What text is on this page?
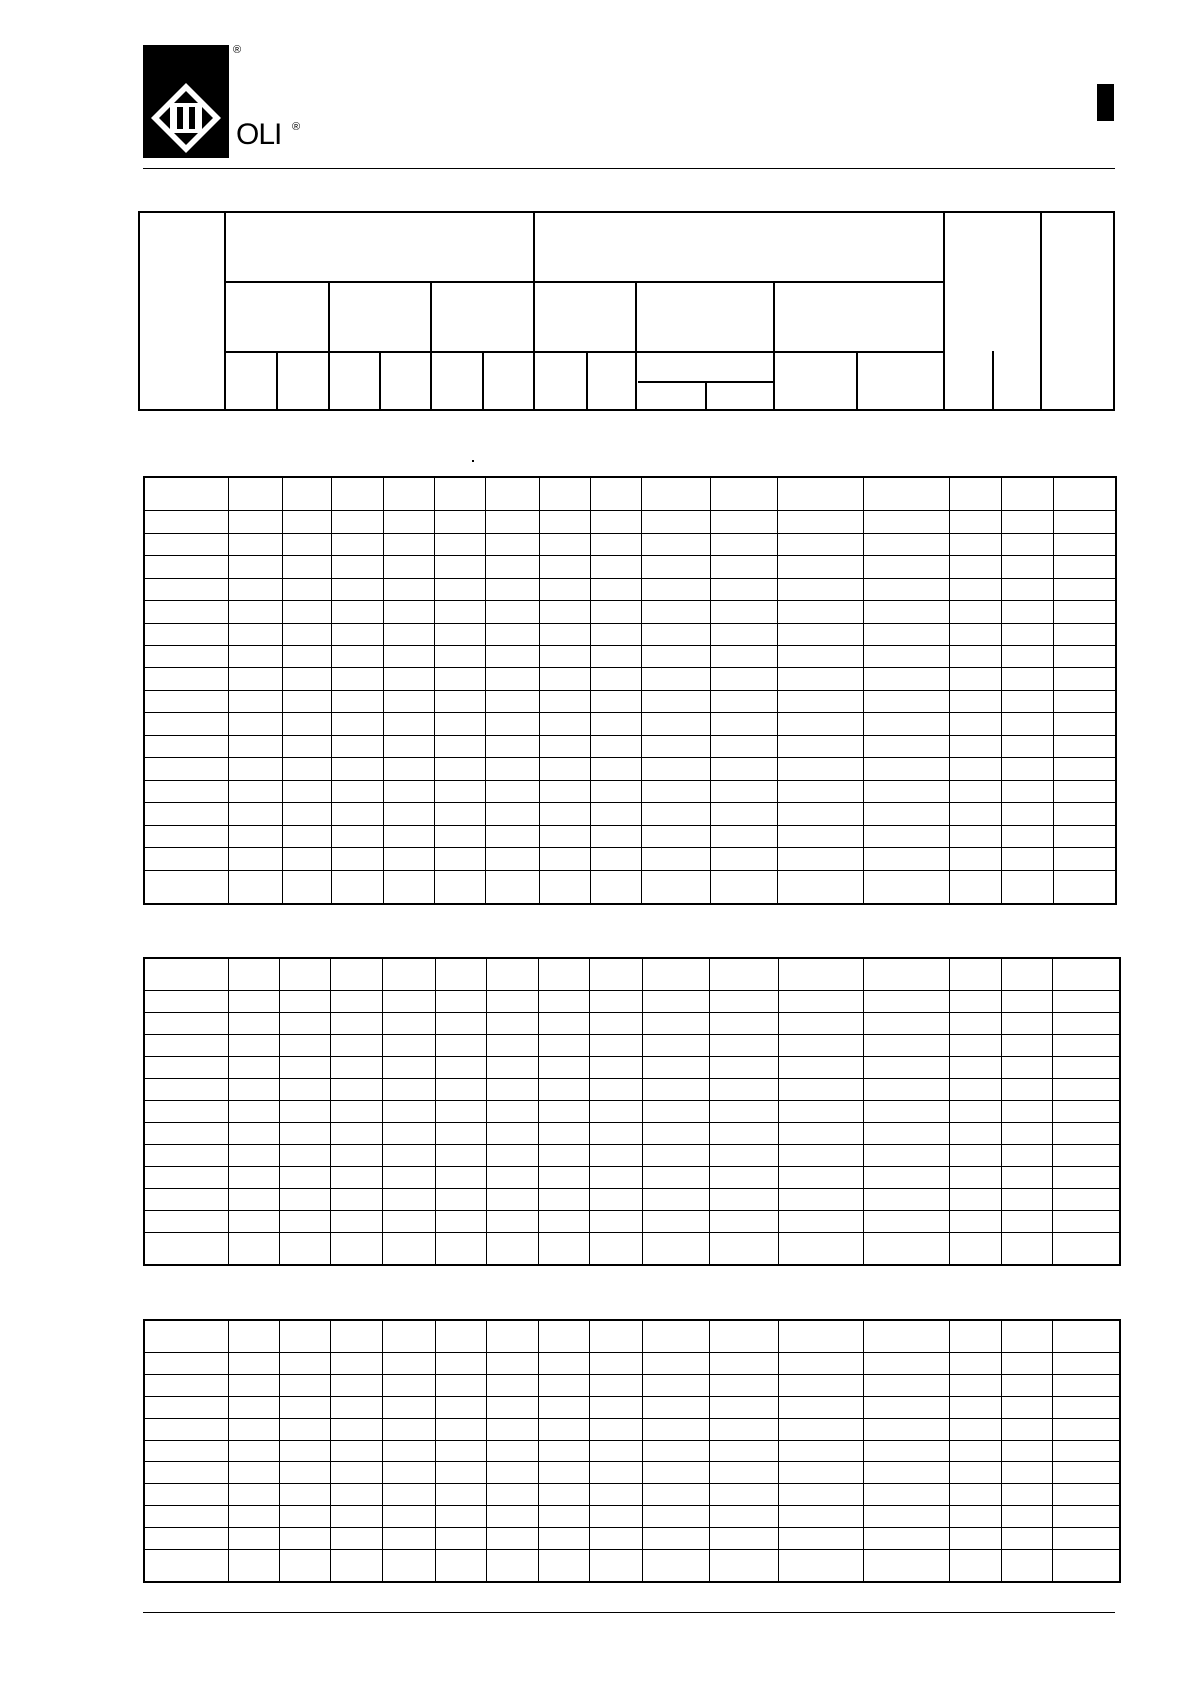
®
OLI ®
